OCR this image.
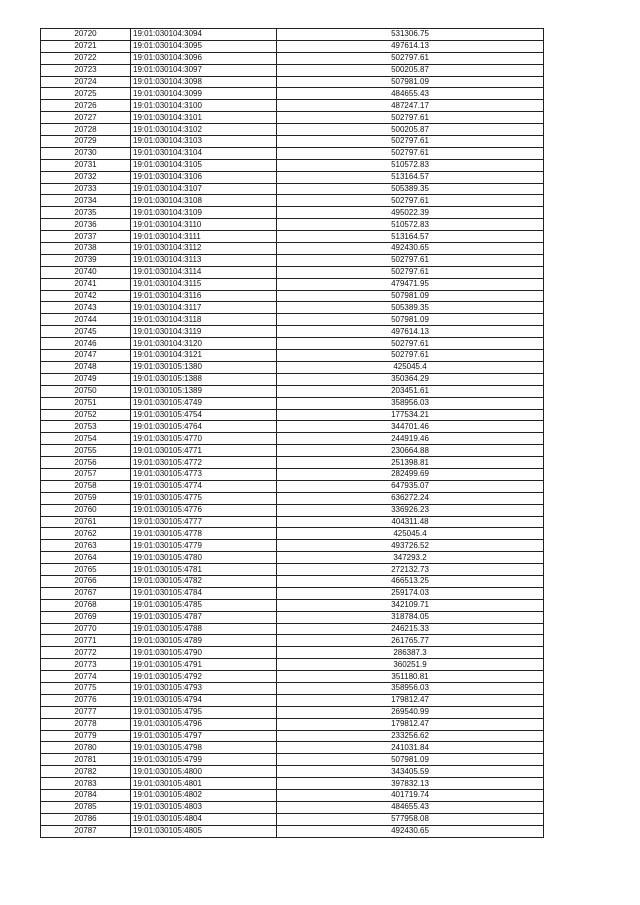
20720	19:01:030104:3094	531306.75
20721	19:01:030104:3095	497614.13
20722	19:01:030104:3096	502797.61
20723	19:01:030104:3097	500205.87
20724	19:01:030104:3098	507981.09
20725	19:01:030104:3099	484655.43
20726	19:01:030104:3100	487247.17
20727	19:01:030104:3101	502797.61
20728	19:01:030104:3102	500205.87
20729	19:01:030104:3103	502797.61
20730	19:01:030104:3104	502797.61
20731	19:01:030104:3105	510572.83
20732	19:01:030104:3106	513164.57
20733	19:01:030104:3107	505389.35
20734	19:01:030104:3108	502797.61
20735	19:01:030104:3109	495022.39
20736	19:01:030104:3110	510572.83
20737	19:01:030104:3111	513164.57
20738	19:01:030104:3112	492430.65
20739	19:01:030104:3113	502797.61
20740	19:01:030104:3114	502797.61
20741	19:01:030104:3115	479471.95
20742	19:01:030104:3116	507981.09
20743	19:01:030104:3117	505389.35
20744	19:01:030104:3118	507981.09
20745	19:01:030104:3119	497614.13
20746	19:01:030104:3120	502797.61
20747	19:01:030104:3121	502797.61
20748	19:01:030105:1380	425045.4
20749	19:01:030105:1388	350364.29
20750	19:01:030105:1389	203451.61
20751	19:01:030105:4749	358956.03
20752	19:01:030105:4754	177534.21
20753	19:01:030105:4764	344701.46
20754	19:01:030105:4770	244919.46
20755	19:01:030105:4771	230664.88
20756	19:01:030105:4772	251398.81
20757	19:01:030105:4773	282499.69
20758	19:01:030105:4774	647935.07
20759	19:01:030105:4775	636272.24
20760	19:01:030105:4776	336926.23
20761	19:01:030105:4777	404311.48
20762	19:01:030105:4778	425045.4
20763	19:01:030105:4779	493726.52
20764	19:01:030105:4780	347293.2
20765	19:01:030105:4781	272132.73
20766	19:01:030105:4782	466513.25
20767	19:01:030105:4784	259174.03
20768	19:01:030105:4785	342109.71
20769	19:01:030105:4787	318784.05
20770	19:01:030105:4788	246215.33
20771	19:01:030105:4789	261765.77
20772	19:01:030105:4790	286387.3
20773	19:01:030105:4791	360251.9
20774	19:01:030105:4792	351180.81
20775	19:01:030105:4793	358956.03
20776	19:01:030105:4794	179812.47
20777	19:01:030105:4795	269540.99
20778	19:01:030105:4796	179812.47
20779	19:01:030105:4797	233256.62
20780	19:01:030105:4798	241031.84
20781	19:01:030105:4799	507981.09
20782	19:01:030105:4800	343405.59
20783	19:01:030105:4801	397832.13
20784	19:01:030105:4802	401719.74
20785	19:01:030105:4803	484655.43
20786	19:01:030105:4804	577958.08
20787	19:01:030105:4805	492430.65
